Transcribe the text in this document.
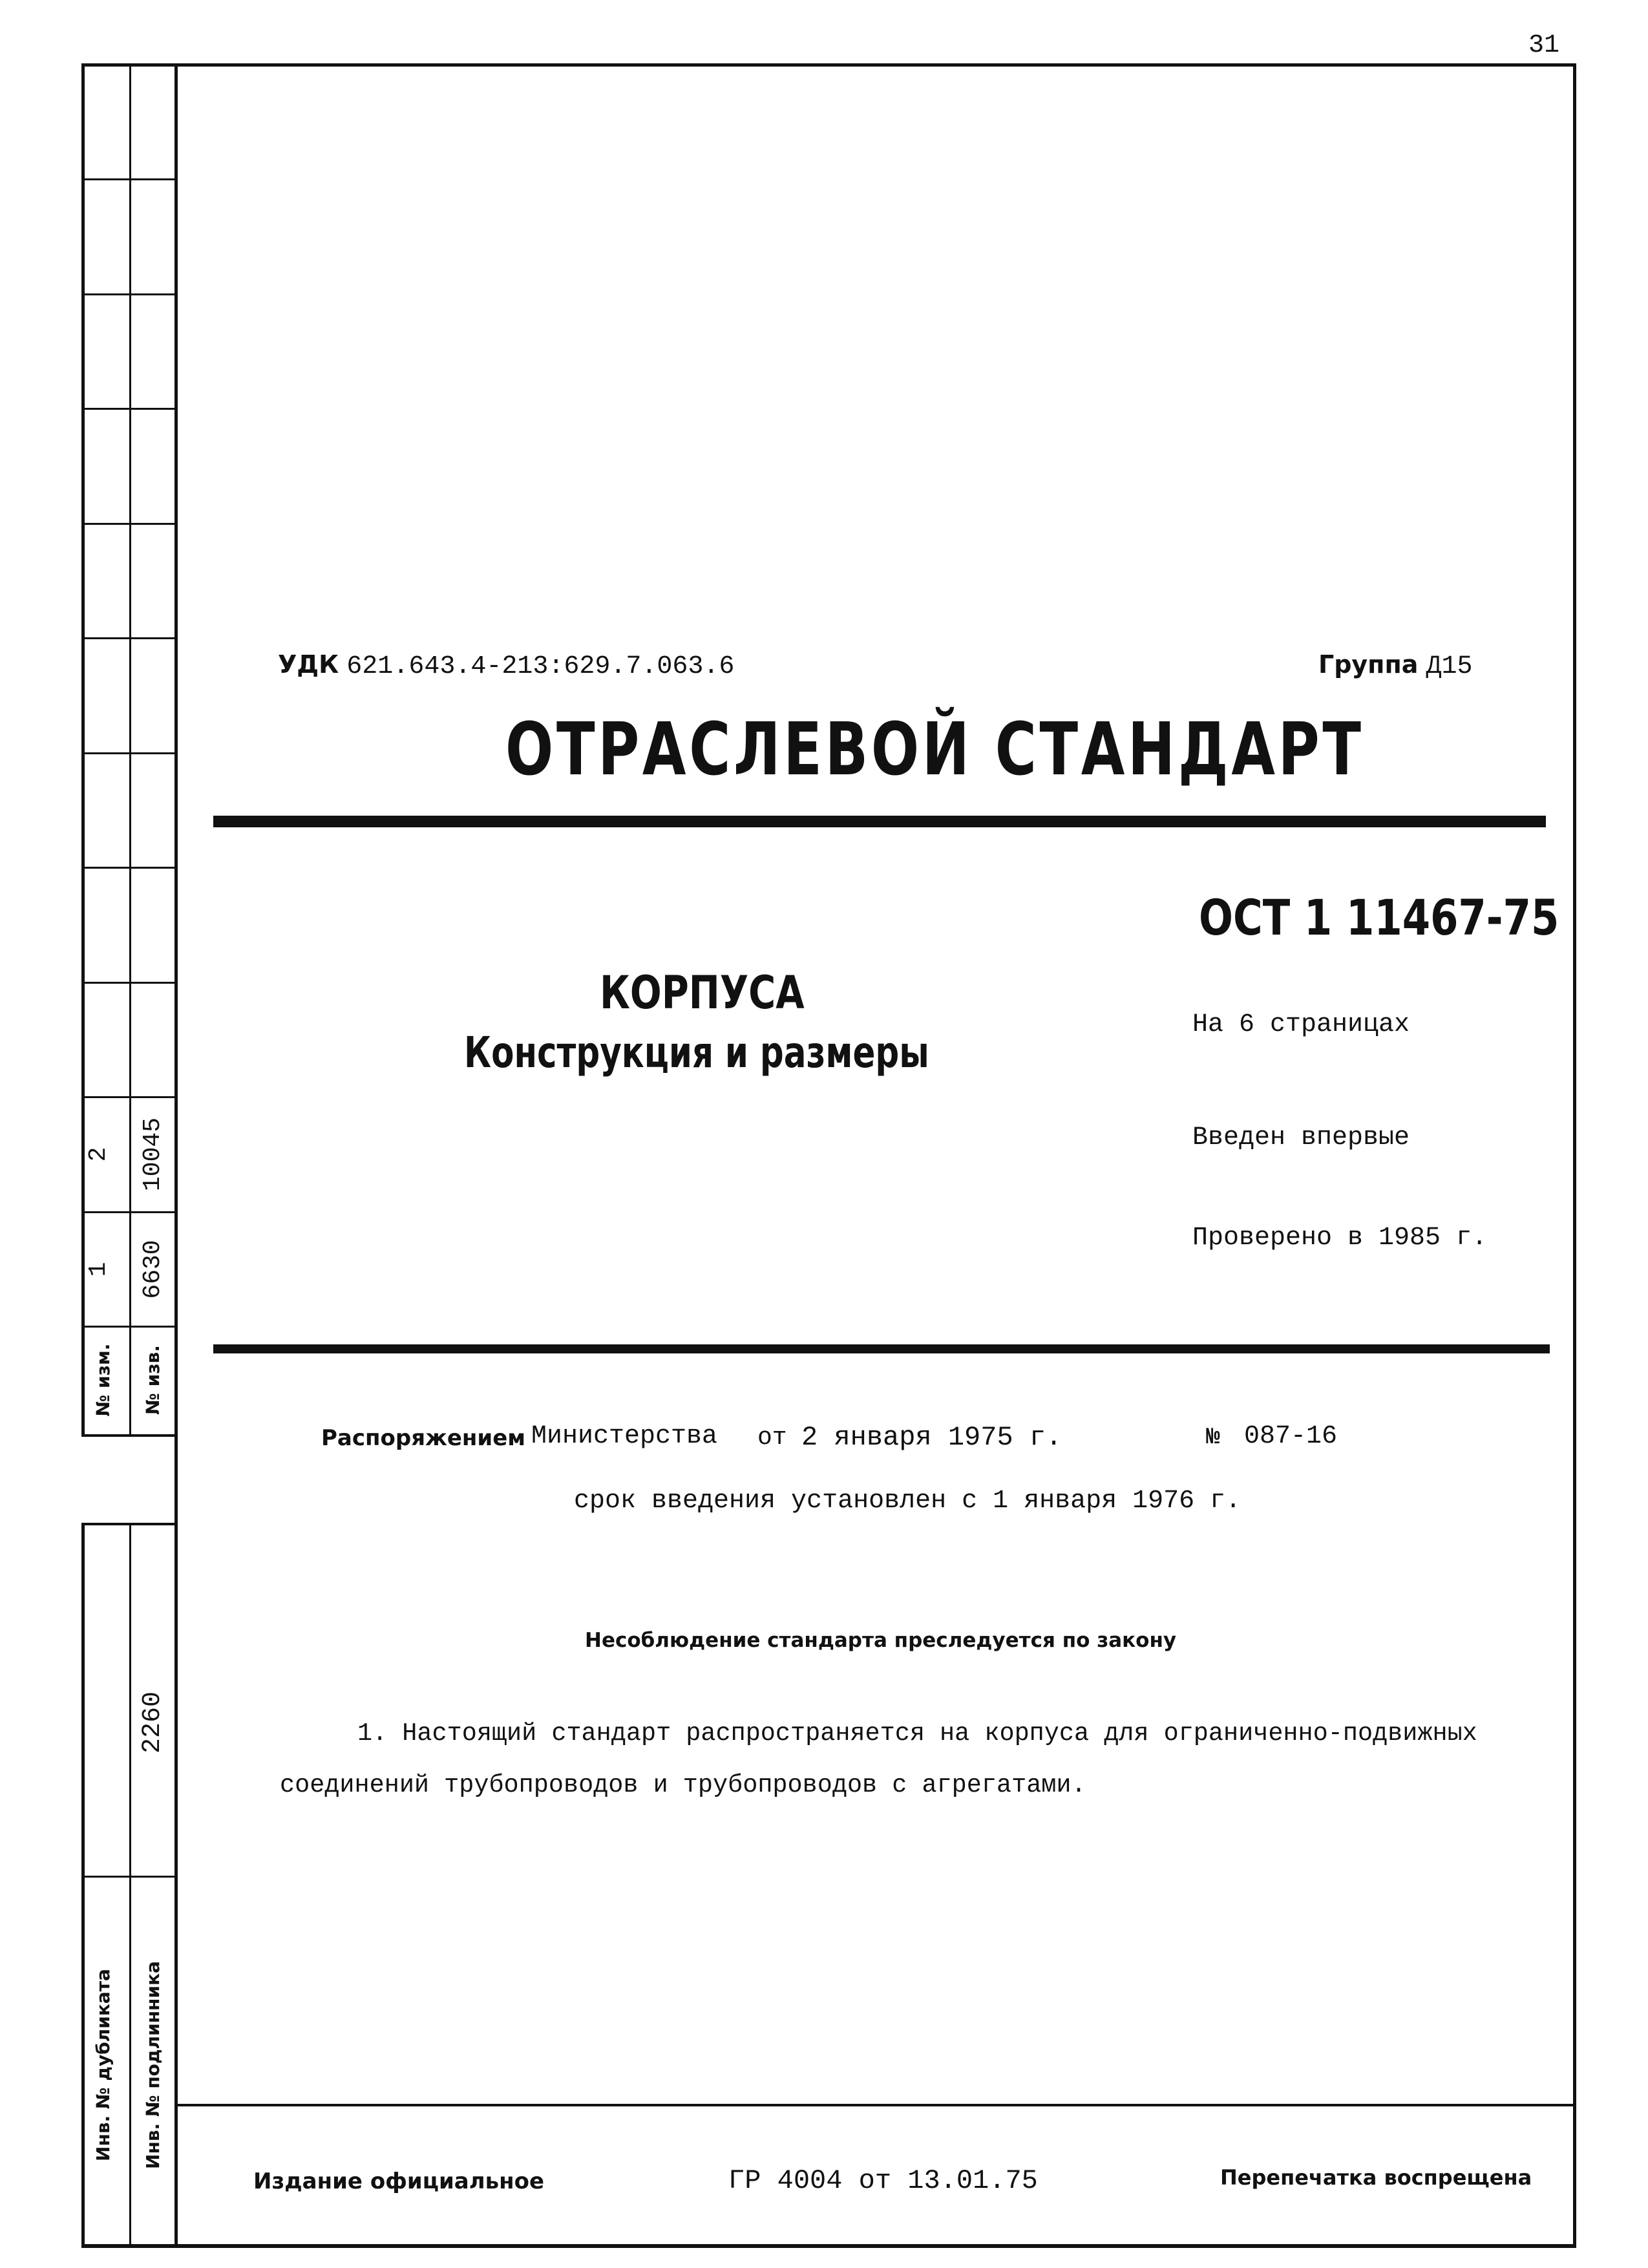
31
№ изм. № изв.
1
2
6630
10045
2260
Инв. № дубликата Инв. № подлинника
УДК 621.643.4-213:629.7.063.6	Группа Д15
ОТРАСЛЕВОЙ СТАНДАРТ
ОСТ 1 11467-75
КОРПУСА
Конструкция и размеры
На 6 страницах
Введен впервые
Проверено в 1985 г.
Распоряжением Министерства от 2 января 1975 г.	№ 087-16
срок введения установлен с 1 января 1976 г.
Несоблюдение стандарта преследуется по закону
1. Настоящий стандарт распространяется на корпуса для ограниченно-подвижных
соединений трубопроводов и трубопроводов с агрегатами.
Издание официальное	ГР 4004 от 13.01.75	Перепечатка воспрещена
